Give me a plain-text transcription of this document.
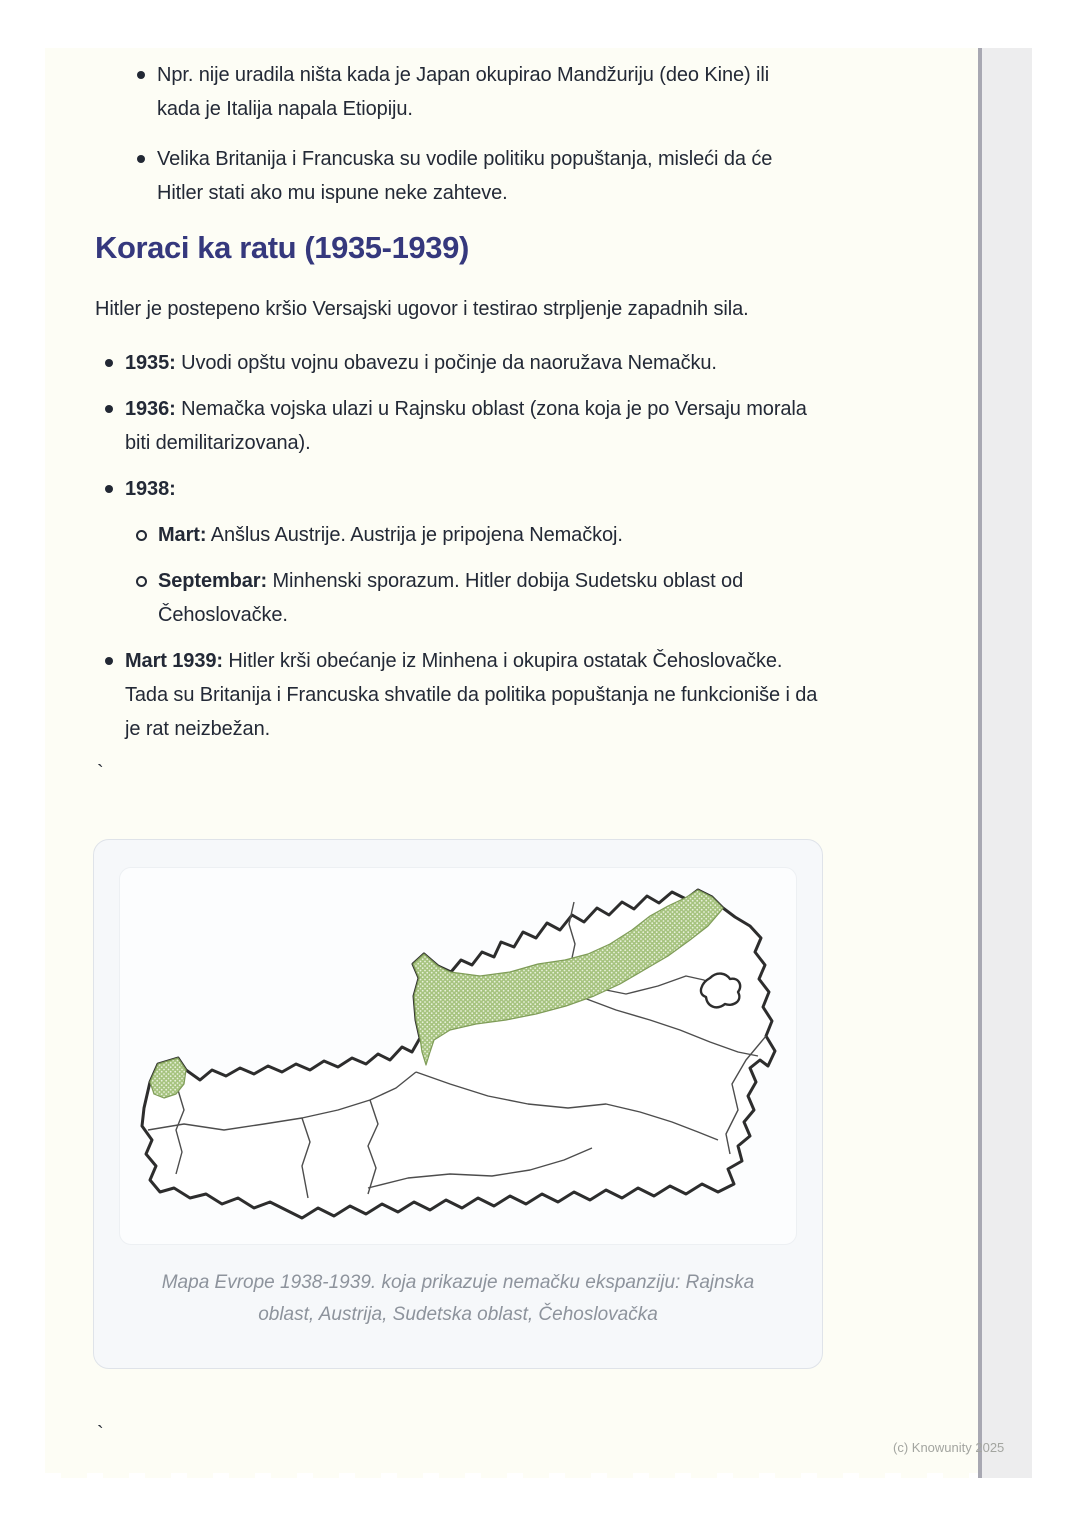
Npr. nije uradila ništa kada je Japan okupirao Mandžuriju (deo Kine) ili kada je Italija napala Etiopiju.
Velika Britanija i Francuska su vodile politiku popuštanja, misleći da će Hitler stati ako mu ispune neke zahteve.
Koraci ka ratu (1935-1939)

Hitler je postepeno kršio Versajski ugovor i testirao strpljenje zapadnih sila.

1935: Uvodi opštu vojnu obavezu i počinje da naoružava Nemačku.
1936: Nemačka vojska ulazi u Rajnsku oblast (zona koja je po Versaju morala biti demilitarizovana).
1938:
Mart: Anšlus Austrije. Austrija je pripojena Nemačkoj.
Septembar: Minhenski sporazum. Hitler dobija Sudetsku oblast od Čehoslovačke.
Mart 1939: Hitler krši obećanje iz Minhena i okupira ostatak Čehoslovačke. Tada su Britanija i Francuska shvatile da politika popuštanja ne funkcioniše i da je rat neizbežan.
`
Mapa Evrope 1938-1939. koja prikazuje nemačku ekspanziju: Rajnska oblast, Austrija, Sudetska oblast, Čehoslovačka
`
(c) Knowunity 2025
